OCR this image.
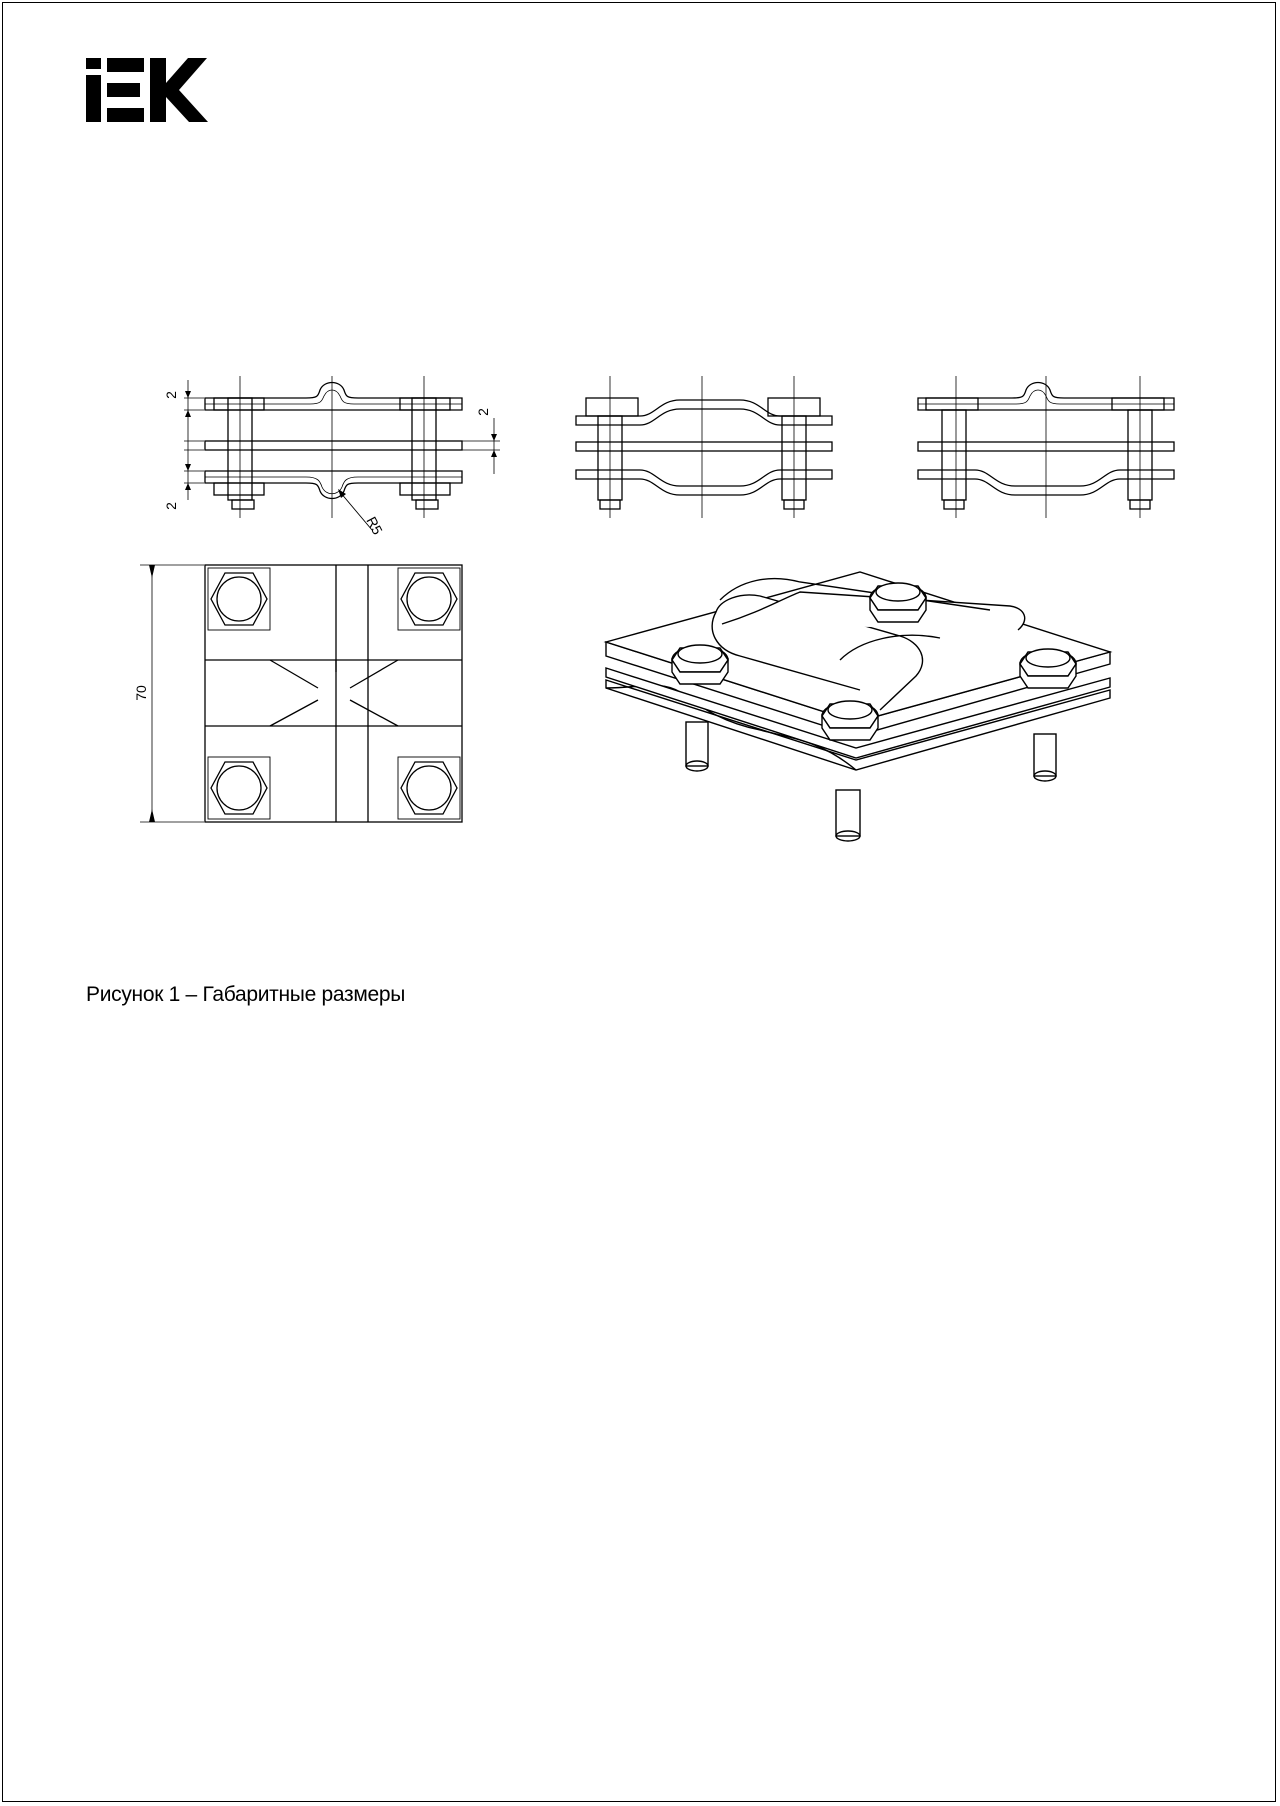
2
2
2
R5
70
Рисунок 1 – Габаритные размеры
